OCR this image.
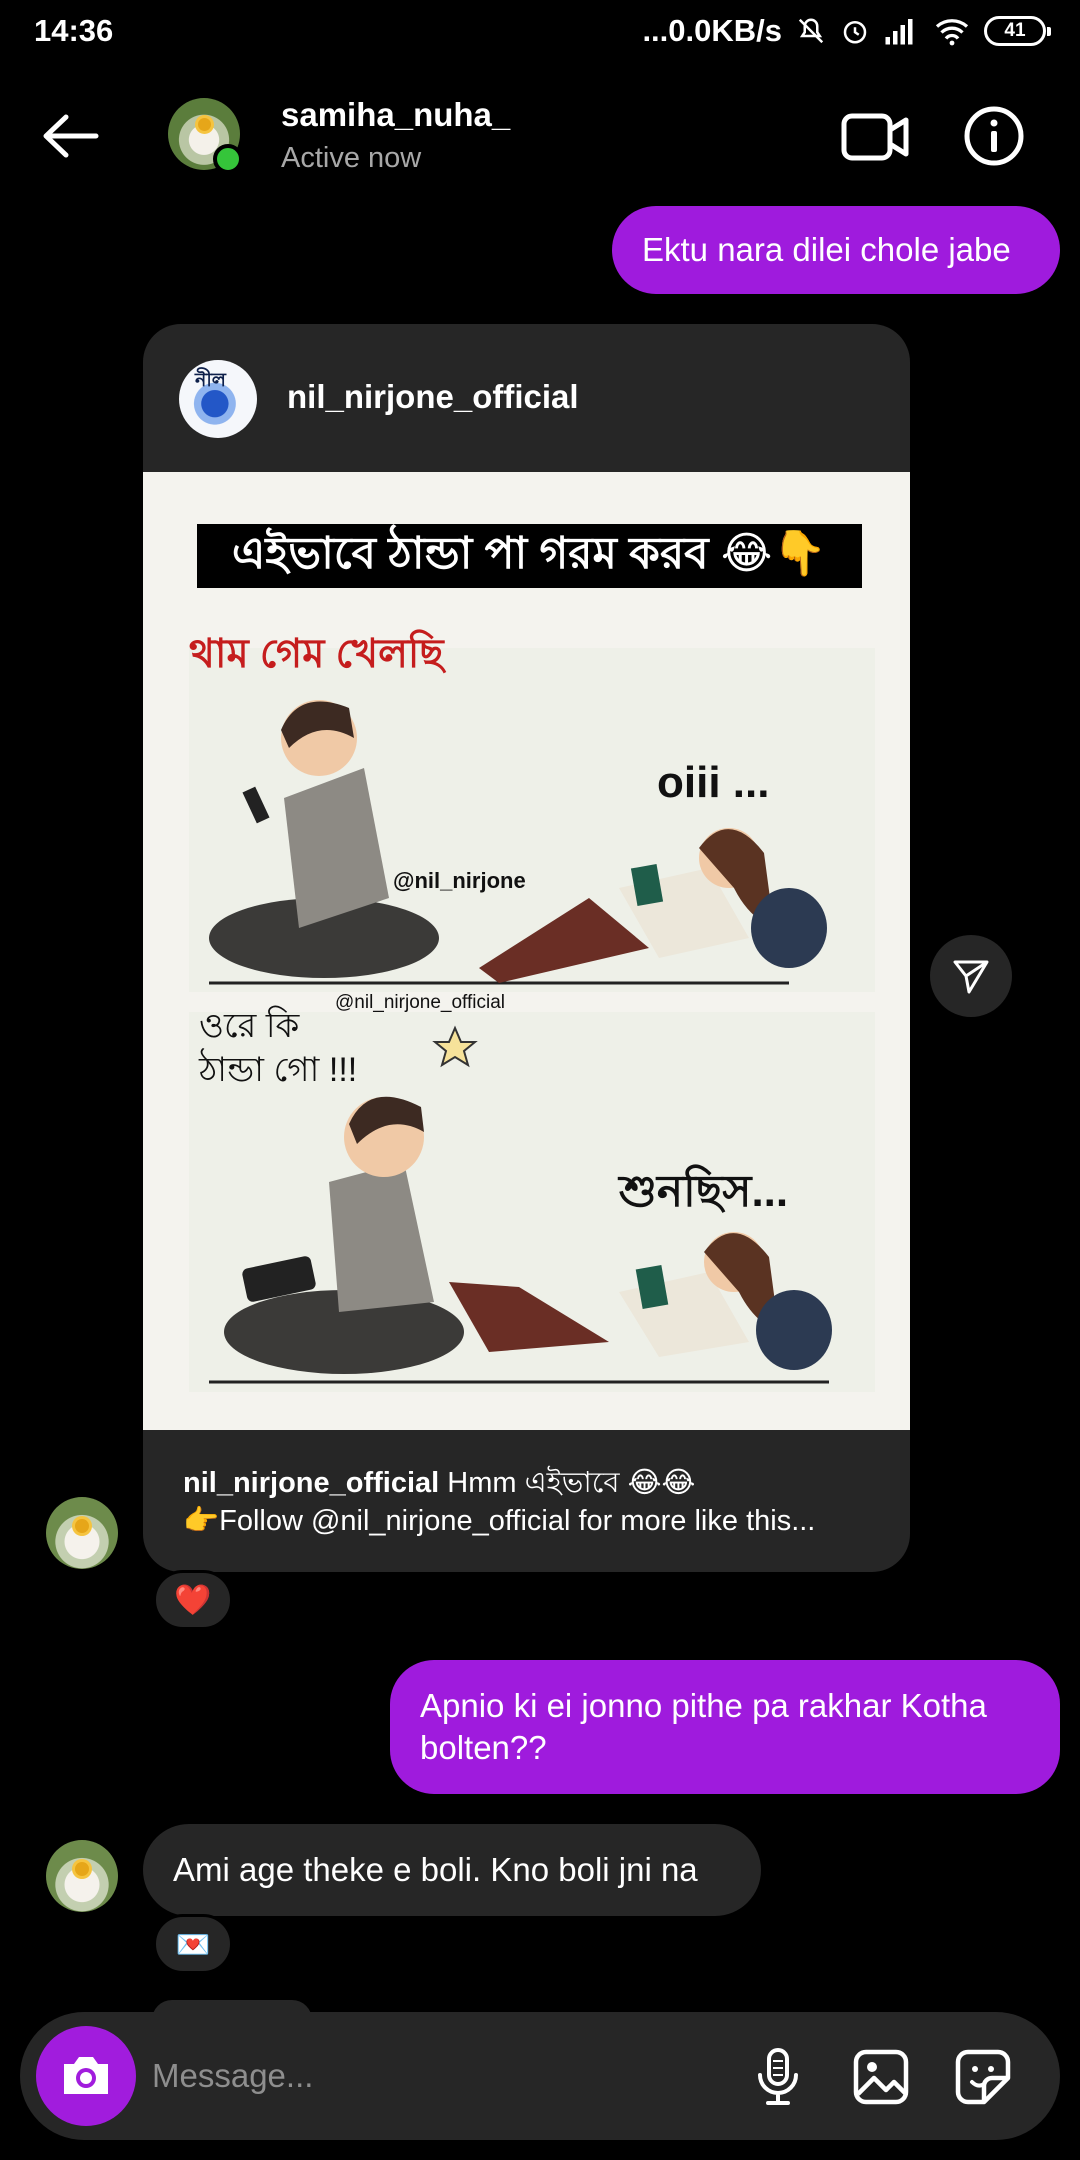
14:36	...0.0KB/s	41
samiha_nuha_
Active now
Ektu nara dilei chole jabe
নীল nil_nirjone_official
এইভাবে ঠান্ডা পা গরম করব 😂👇
থাম গেম খেলছি
oiii ...
@nil_nirjone
@nil_nirjone_official
ওরে কি ঠান্ডা গো !!!
শুনছিস...
nil_nirjone_official Hmm এইভাবে 😂😂
👉Follow @nil_nirjone_official for more like this...
❤️
Apnio ki ei jonno pithe pa rakhar Kotha bolten??
Ami age theke e boli. Kno boli jni na
💌
Message...
